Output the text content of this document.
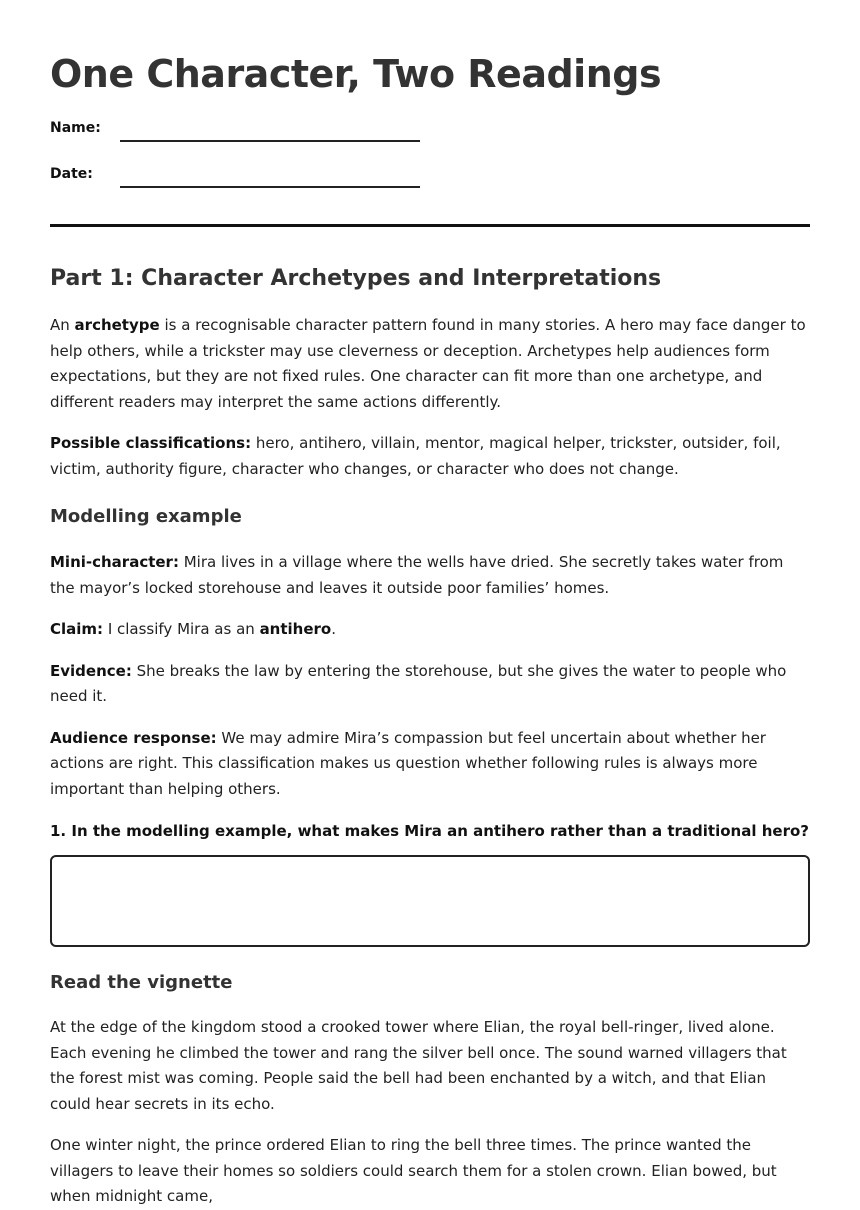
One Character, Two Readings
Name:
Date:
Part 1: Character Archetypes and Interpretations

An archetype is a recognisable character pattern found in many stories. A hero may face danger to help others, while a trickster may use cleverness or deception. Archetypes help audiences form expectations, but they are not fixed rules. One character can fit more than one archetype, and different readers may interpret the same actions differently.

Possible classifications: hero, antihero, villain, mentor, magical helper, trickster, outsider, foil, victim, authority figure, character who changes, or character who does not change.

Modelling example

Mini-character: Mira lives in a village where the wells have dried. She secretly takes water from the mayor’s locked storehouse and leaves it outside poor families’ homes.

Claim: I classify Mira as an antihero.

Evidence: She breaks the law by entering the storehouse, but she gives the water to people who need it.

Audience response: We may admire Mira’s compassion but feel uncertain about whether her actions are right. This classification makes us question whether following rules is always more important than helping others.

1. In the modelling example, what makes Mira an antihero rather than a traditional hero?
Read the vignette

At the edge of the kingdom stood a crooked tower where Elian, the royal bell-ringer, lived alone. Each evening he climbed the tower and rang the silver bell once. The sound warned villagers that the forest mist was coming. People said the bell had been enchanted by a witch, and that Elian could hear secrets in its echo.

One winter night, the prince ordered Elian to ring the bell three times. The prince wanted the villagers to leave their homes so soldiers could search them for a stolen crown. Elian bowed, but when midnight came,
